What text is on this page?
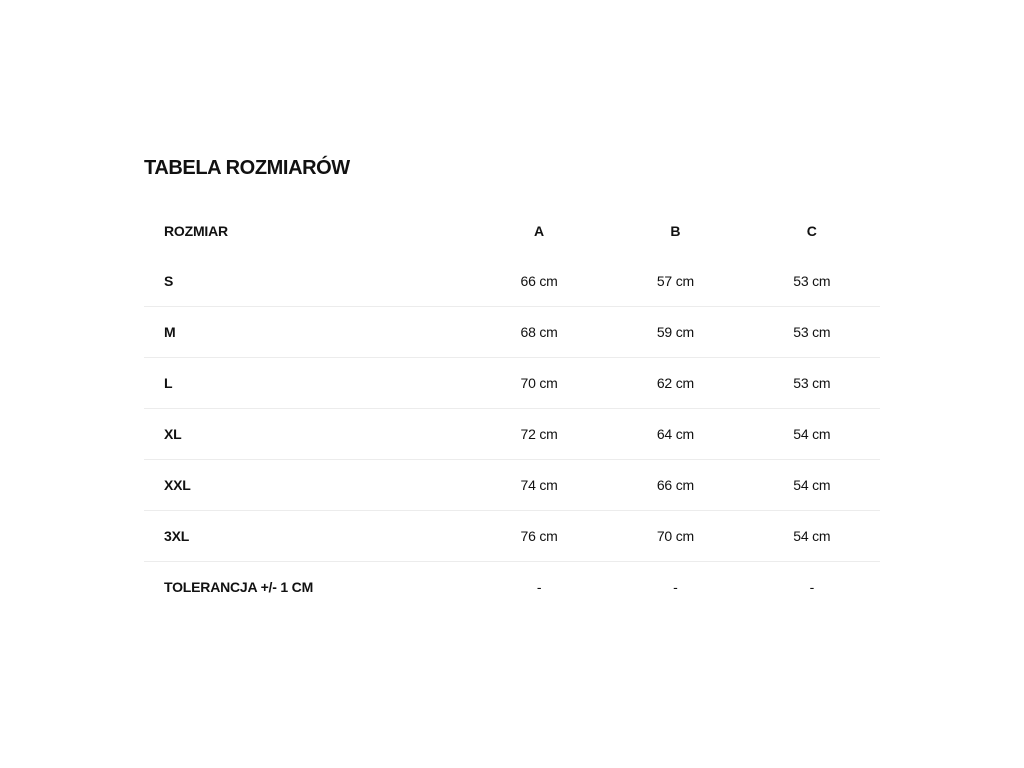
TABELA ROZMIARÓW
ROZMIAR	A	B	C
S	66 cm	57 cm	53 cm
M	68 cm	59 cm	53 cm
L	70 cm	62 cm	53 cm
XL	72 cm	64 cm	54 cm
XXL	74 cm	66 cm	54 cm
3XL	76 cm	70 cm	54 cm
TOLERANCJA +/- 1 CM	-	-	-
